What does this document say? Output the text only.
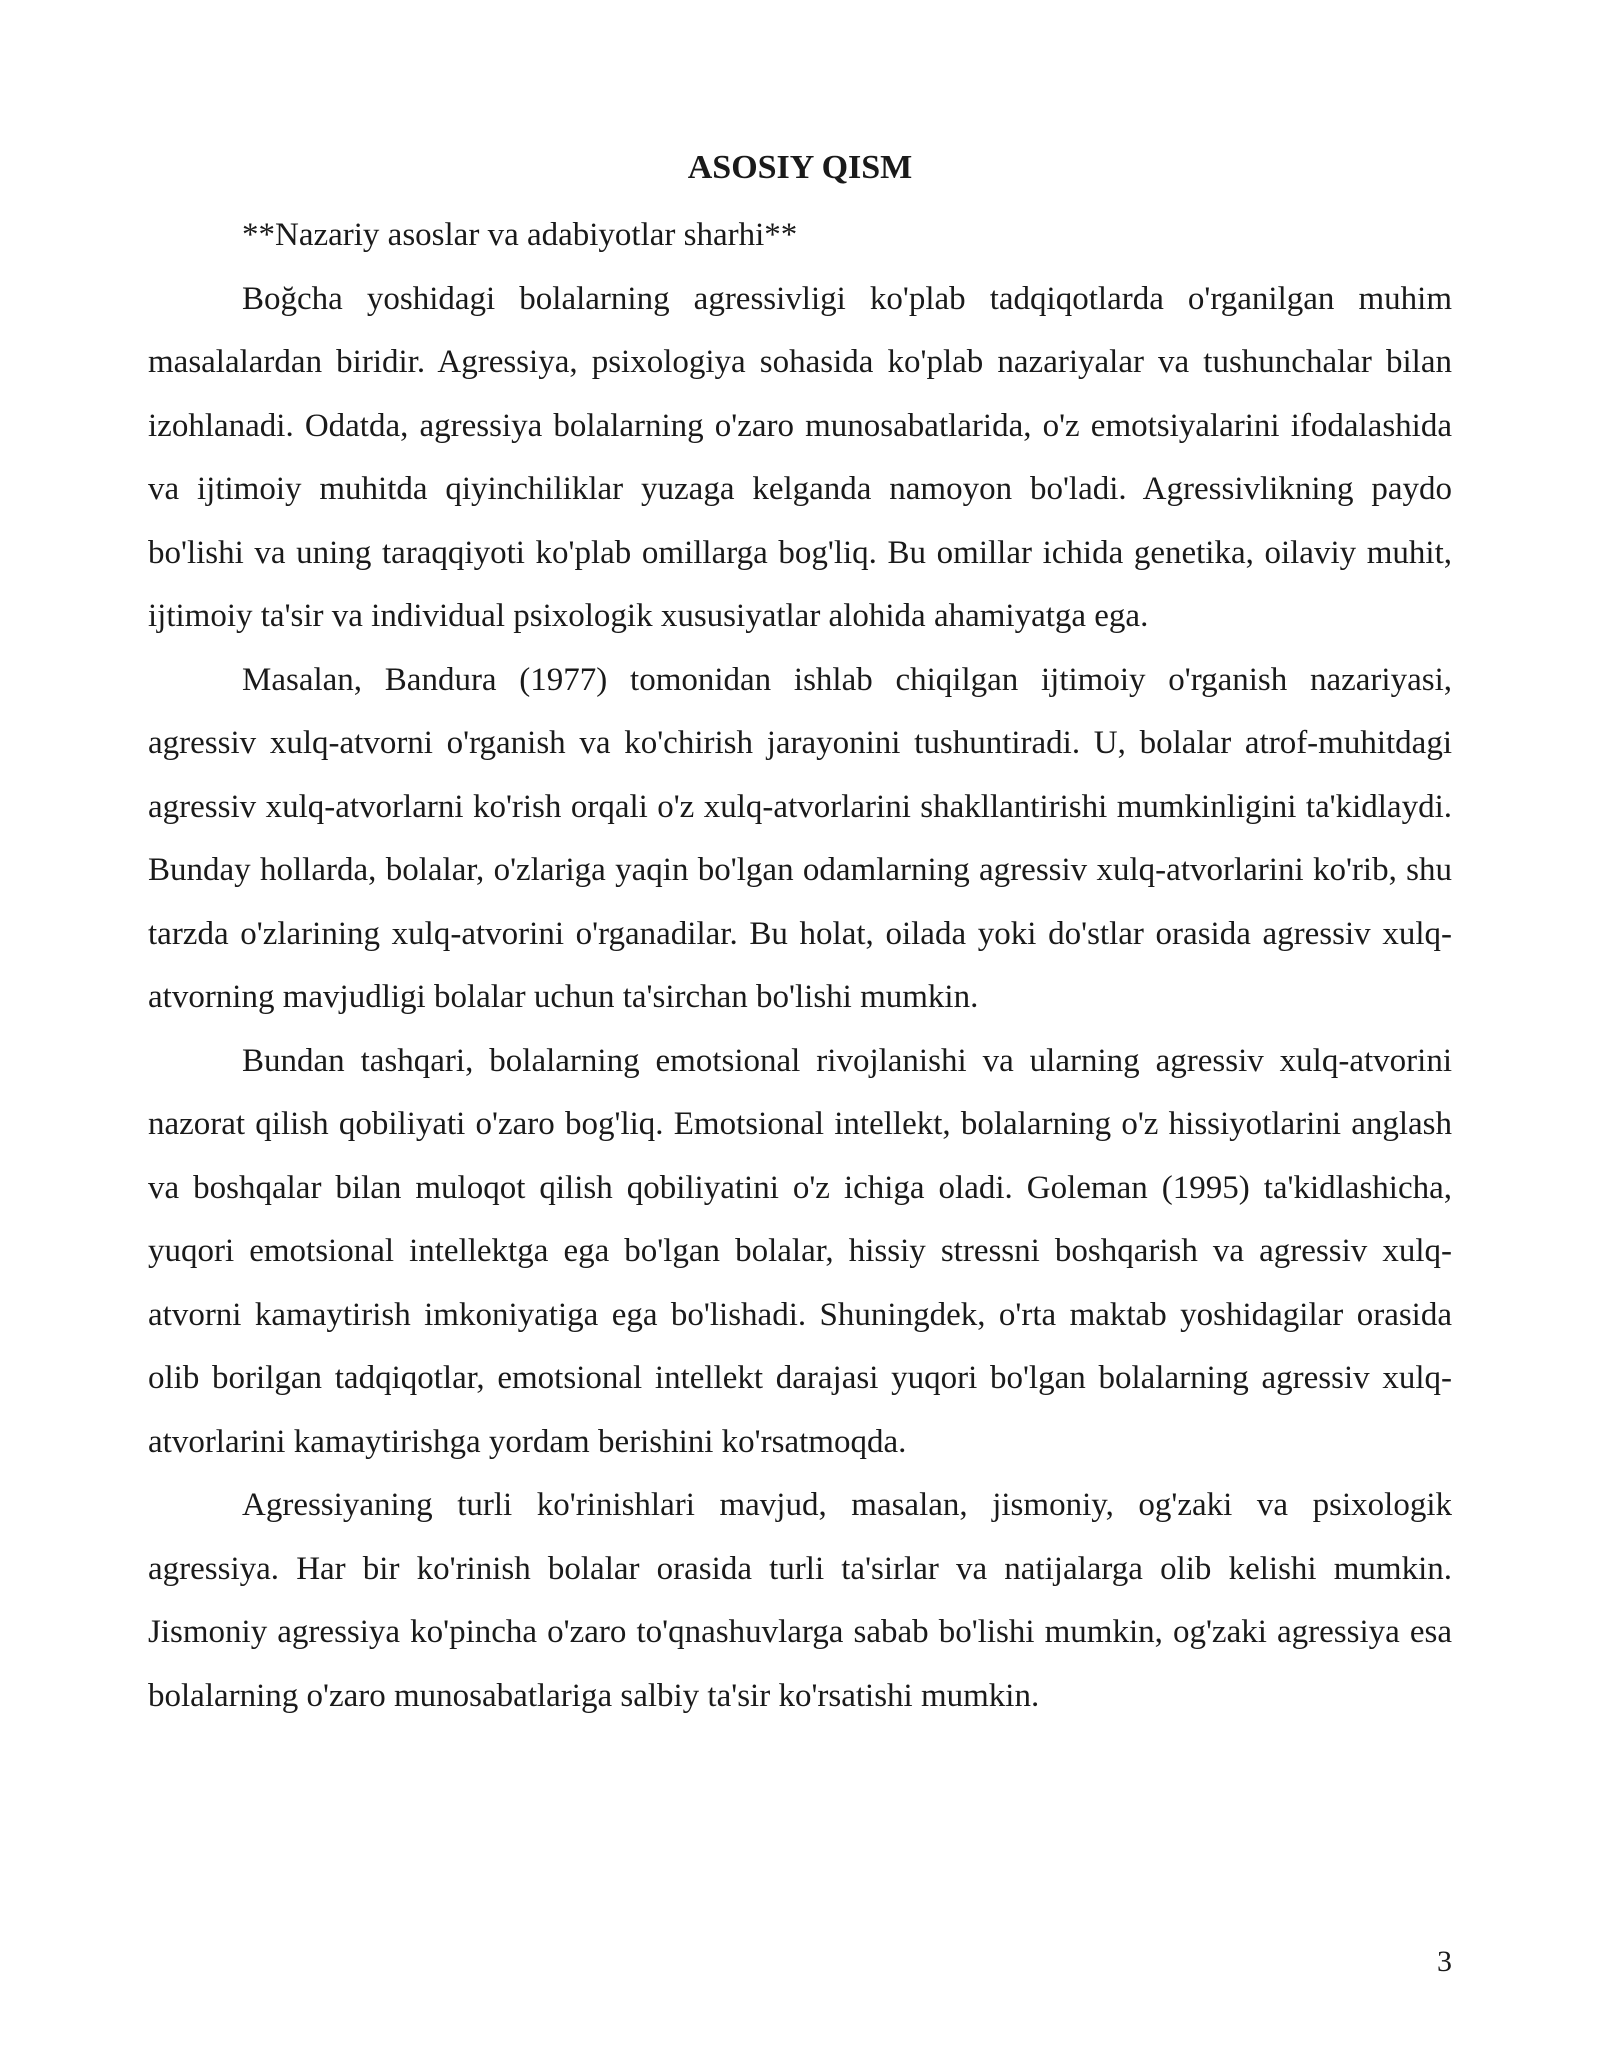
ASOSIY QISM

**Nazariy asoslar va adabiyotlar sharhi**

Boğcha yoshidagi bolalarning agressivligi ko'plab tadqiqotlarda o'rganilgan muhim masalalardan biridir. Agressiya, psixologiya sohasida ko'plab nazariyalar va tushunchalar bilan izohlanadi. Odatda, agressiya bolalarning o'zaro munosabatlarida, o'z emotsiyalarini ifodalashida va ijtimoiy muhitda qiyinchiliklar yuzaga kelganda namoyon bo'ladi. Agressivlikning paydo bo'lishi va uning taraqqiyoti ko'plab omillarga bog'liq. Bu omillar ichida genetika, oilaviy muhit, ijtimoiy ta'sir va individual psixologik xususiyatlar alohida ahamiyatga ega.

Masalan, Bandura (1977) tomonidan ishlab chiqilgan ijtimoiy o'rganish nazariyasi, agressiv xulq-atvorni o'rganish va ko'chirish jarayonini tushuntiradi. U, bolalar atrof-muhitdagi agressiv xulq-atvorlarni ko'rish orqali o'z xulq-atvorlarini shakllantirishi mumkinligini ta'kidlaydi. Bunday hollarda, bolalar, o'zlariga yaqin bo'lgan odamlarning agressiv xulq-atvorlarini ko'rib, shu tarzda o'zlarining xulq-atvorini o'rganadilar. Bu holat, oilada yoki do'stlar orasida agressiv xulq-atvorning mavjudligi bolalar uchun ta'sirchan bo'lishi mumkin.

Bundan tashqari, bolalarning emotsional rivojlanishi va ularning agressiv xulq-atvorini nazorat qilish qobiliyati o'zaro bog'liq. Emotsional intellekt, bolalarning o'z hissiyotlarini anglash va boshqalar bilan muloqot qilish qobiliyatini o'z ichiga oladi. Goleman (1995) ta'kidlashicha, yuqori emotsional intellektga ega bo'lgan bolalar, hissiy stressni boshqarish va agressiv xulq-atvorni kamaytirish imkoniyatiga ega bo'lishadi. Shuningdek, o'rta maktab yoshidagilar orasida olib borilgan tadqiqotlar, emotsional intellekt darajasi yuqori bo'lgan bolalarning agressiv xulq-atvorlarini kamaytirishga yordam berishini ko'rsatmoqda.

Agressiyaning turli ko'rinishlari mavjud, masalan, jismoniy, og'zaki va psixologik agressiya. Har bir ko'rinish bolalar orasida turli ta'sirlar va natijalarga olib kelishi mumkin. Jismoniy agressiya ko'pincha o'zaro to'qnashuvlarga sabab bo'lishi mumkin, og'zaki agressiya esa bolalarning o'zaro munosabatlariga salbiy ta'sir ko'rsatishi mumkin.

3
